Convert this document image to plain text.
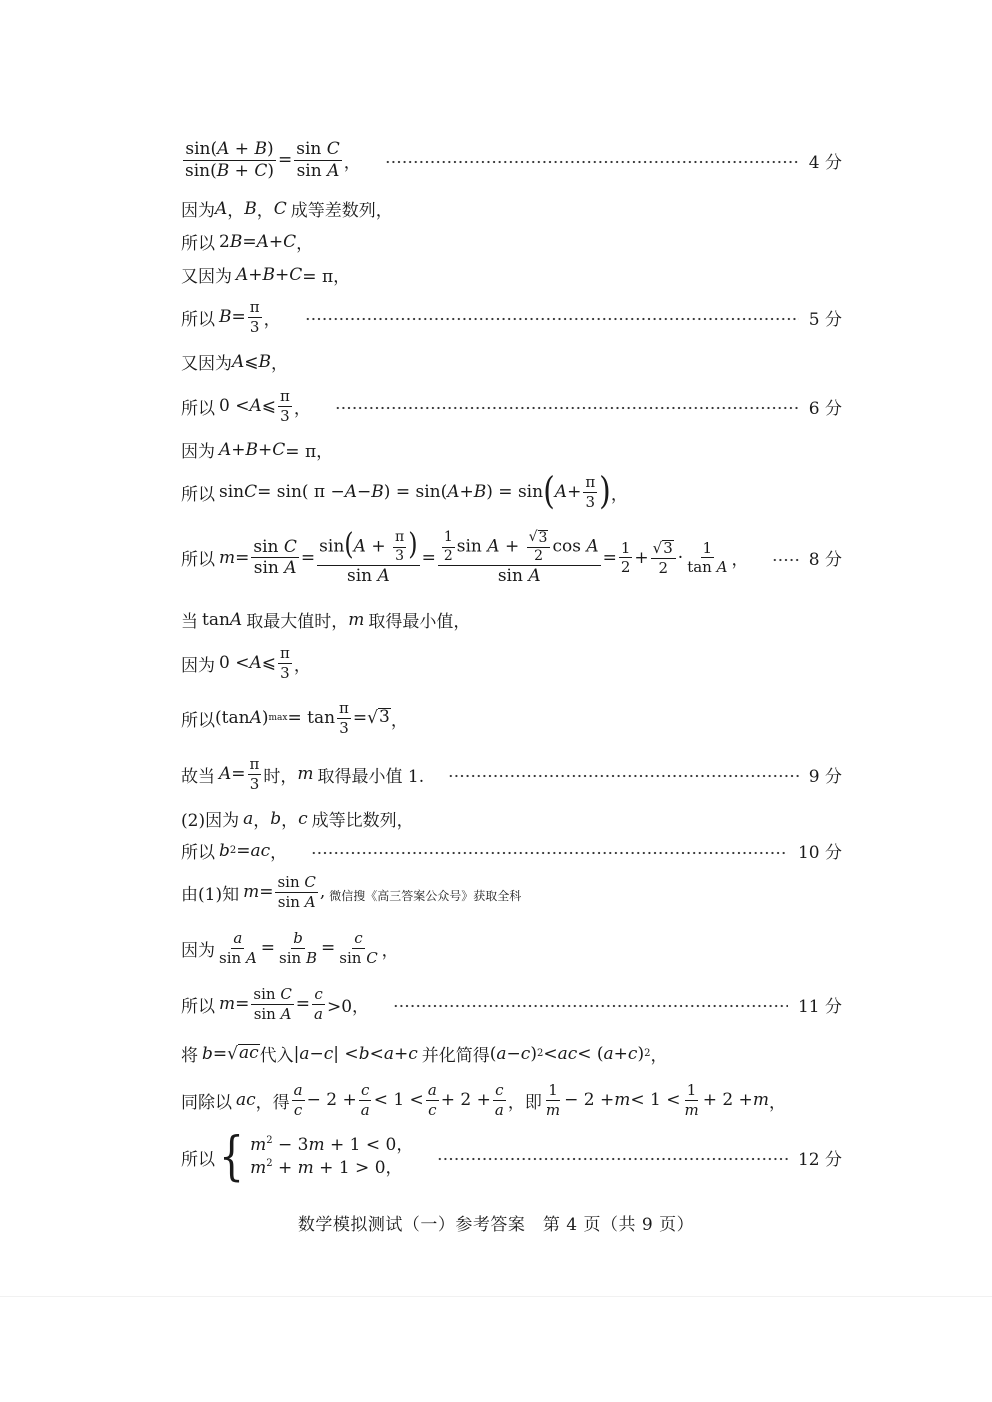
$\frac{\sin(A + B)}{\sin(B + C)} = \frac{\text{sin C}}{\text{sin A}}$ ，	4 分
因为 A ， B ， C 成等差数列，
所以 2 B = A + C ，
又因为 A + B + C = π，
所以 $B = \frac{\pi}{3}$ ，	5 分
又因为 A ⩽ B ，
所以 0 < A ⩽ $\frac{\pi}{3}$ ，	6 分
因为 A + B + C = π，
所以 sin C = sin( π − A − B ) = sin( A + B ) = sin ( $A + \frac{\pi}{3}$ ) ，
所以 $m = \frac{\text{sin C}}{\text{sin A}} = \frac{\sin(A + \frac{\pi}{3} )}{\text{sin A}} = \frac{\frac{1}{2} \sin A + \frac{√ 3}{2} \cos A}{\text{sin A}} = \frac{1}{2} + \frac{√ 3}{2} \cdot \frac{1}{\text{tan A}}$ ，	8 分
当 tan A 取最大值时， m 取得最小值，
因为 0 < A ⩽ $\frac{\pi}{3}$ ，
所以 (tan A ) $\max = \tan \frac{\pi}{3}$ = √ 3 ，
故当 $A = \frac{\pi}{3}$ 时， m 取得最小值 1.	9 分
(2)因为 a ， b ， c 成等比数列，
所以 b 2 = ac ，	10 分
由(1)知 $m = \frac{\text{sin C}}{\text{sin A}}$ , 微信搜《高三答案公众号》获取全科
因为 $\frac{a}{\text{sin A}} = \frac{b}{\text{sin B}} = \frac{c}{\text{sin C}}$ ，
所以 $m = \frac{\text{sin C}}{\text{sin A}} = \frac{c}{a} >0$，	11 分
将 b = √ ac 代入 | a − c | < b < a + c 并化简得 ( a − c ) 2 < ac < ( a + c ) 2 ，
同除以 ac ，得 $\frac{a}{c} - 2 + \frac{c}{a} < 1 < \frac{a}{c} + 2 + \frac{c}{a}$ ，即 $\frac{1}{m} - 2 + m < 1 < \frac{1}{m} + 2 + m$ ，
所以 { $m^2 - 3m + 1 < 0$，
$m^2 + m + 1 > 0$，	12 分
数学模拟测试（一）参考答案　第 4 页（共 9 页）
